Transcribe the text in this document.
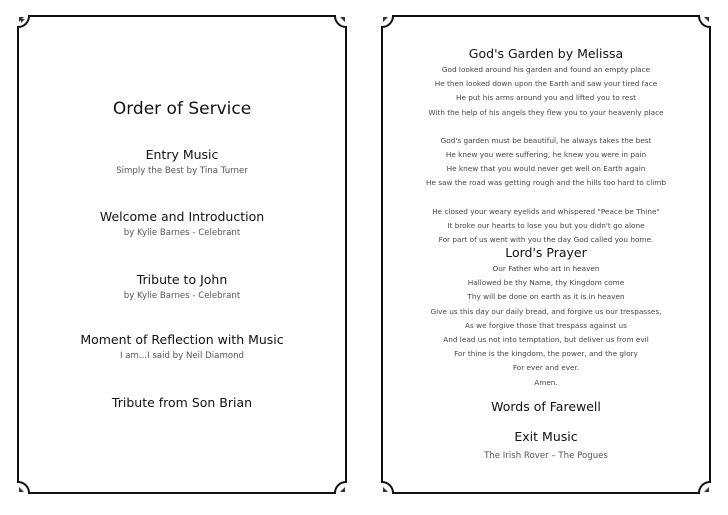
Order of Service
Entry Music
Simply the Best by Tina Turner
Welcome and Introduction
by Kylie Barnes - Celebrant
Tribute to John
by Kylie Barnes - Celebrant
Moment of Reflection with Music
I am...I said by Neil Diamond
Tribute from Son Brian
God's Garden by Melissa
God looked around his garden and found an empty place
He then looked down upon the Earth and saw your tired face
He put his arms around you and lifted you to rest
With the help of his angels they flew you to your heavenly place
God's garden must be beautiful, he always takes the best
He knew you were suffering, he knew you were in pain
He knew that you would never get well on Earth again
He saw the road was getting rough and the hills too hard to climb
He closed your weary eyelids and whispered "Peace be Thine"
It broke our hearts to lose you but you didn't go alone
For part of us went with you the day God called you home.
Lord's Prayer
Our Father who art in heaven
Hallowed be thy Name, thy Kingdom come
Thy will be done on earth as it is in heaven
Give us this day our daily bread, and forgive us our trespasses,
As we forgive those that trespass against us
And lead us not into temptation, but deliver us from evil
For thine is the kingdom, the power, and the glory
For ever and ever.
Amen.
Words of Farewell
Exit Music
The Irish Rover – The Pogues
